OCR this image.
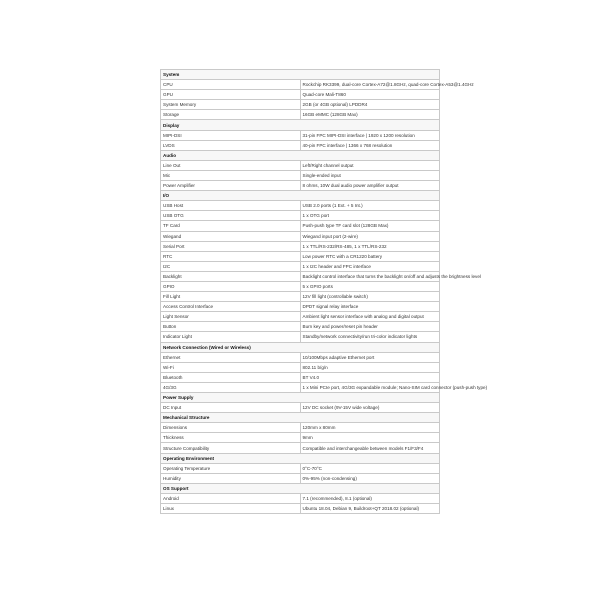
System	
CPU	Rockchip RK3399, dual-core Cortex-A72@1.8GHz, quad-core Cortex-A53@1.4GHz
GPU	Quad-core Mali-T860
System Memory	2GB (or 4GB optional) LPDDR4
Storage	16GB eMMC (128GB Max)
Display	
MIPI-DSI	31-pin FPC MIPI-DSI interface | 1920 x 1200 resolution
LVDS	40-pin FPC interface | 1366 x 768 resolution
Audio	
Line Out	Left/Right channel output
Mic	Single-ended input
Power Amplifier	8 ohms, 10W dual audio power amplifier output
I/O	
USB Host	USB 2.0 ports (1 Ext. + 5 Int.)
USB OTG	1 x OTG port
TF Card	Push-push type TF card slot (128GB Max)
Wiegand	Wiegand input port (2-wire)
Serial Port	1 x TTL/RS-232/RS-485, 1 x TTL/RS-232
RTC	Low power RTC with a CR1220 battery
I2C	1 x I2C header and FPC interface
Backlight	Backlight control interface that turns the backlight on/off and adjusts the brightness level
GPIO	5 x GPIO ports
Fill Light	12V fill light (controllable switch)
Access Control Interface	DPDT signal relay interface
Light Sensor	Ambient light sensor interface with analog and digital output
Button	Burn key and power/reset pin header
Indicator Light	Standby/network connectivity/run tri-color indicator lights
Network Connection (Wired or Wireless)	
Ethernet	10/100Mbps adaptive Ethernet port
Wi-Fi	802.11 b/g/n
Bluetooth	BT V4.0
4G/3G	1 x Mini PCIe port, 4G/3G expandable module; Nano-SIM card connector (push-push type)
Power Supply	
DC Input	12V DC socket (9V-15V wide voltage)
Mechanical Structure	
Dimensions	120mm x 80mm
Thickness	9mm
Structure Compatibility	Compatible and interchangeable between models F1/F3/F4
Operating Environment	
Operating Temperature	0°C-70°C
Humidity	0%-95% (non-condensing)
OS Support	
Android	7.1 (recommended), 8.1 (optional)
Linux	Ubuntu 18.04, Debian 9, Buildroot+QT 2018.02 (optional)
